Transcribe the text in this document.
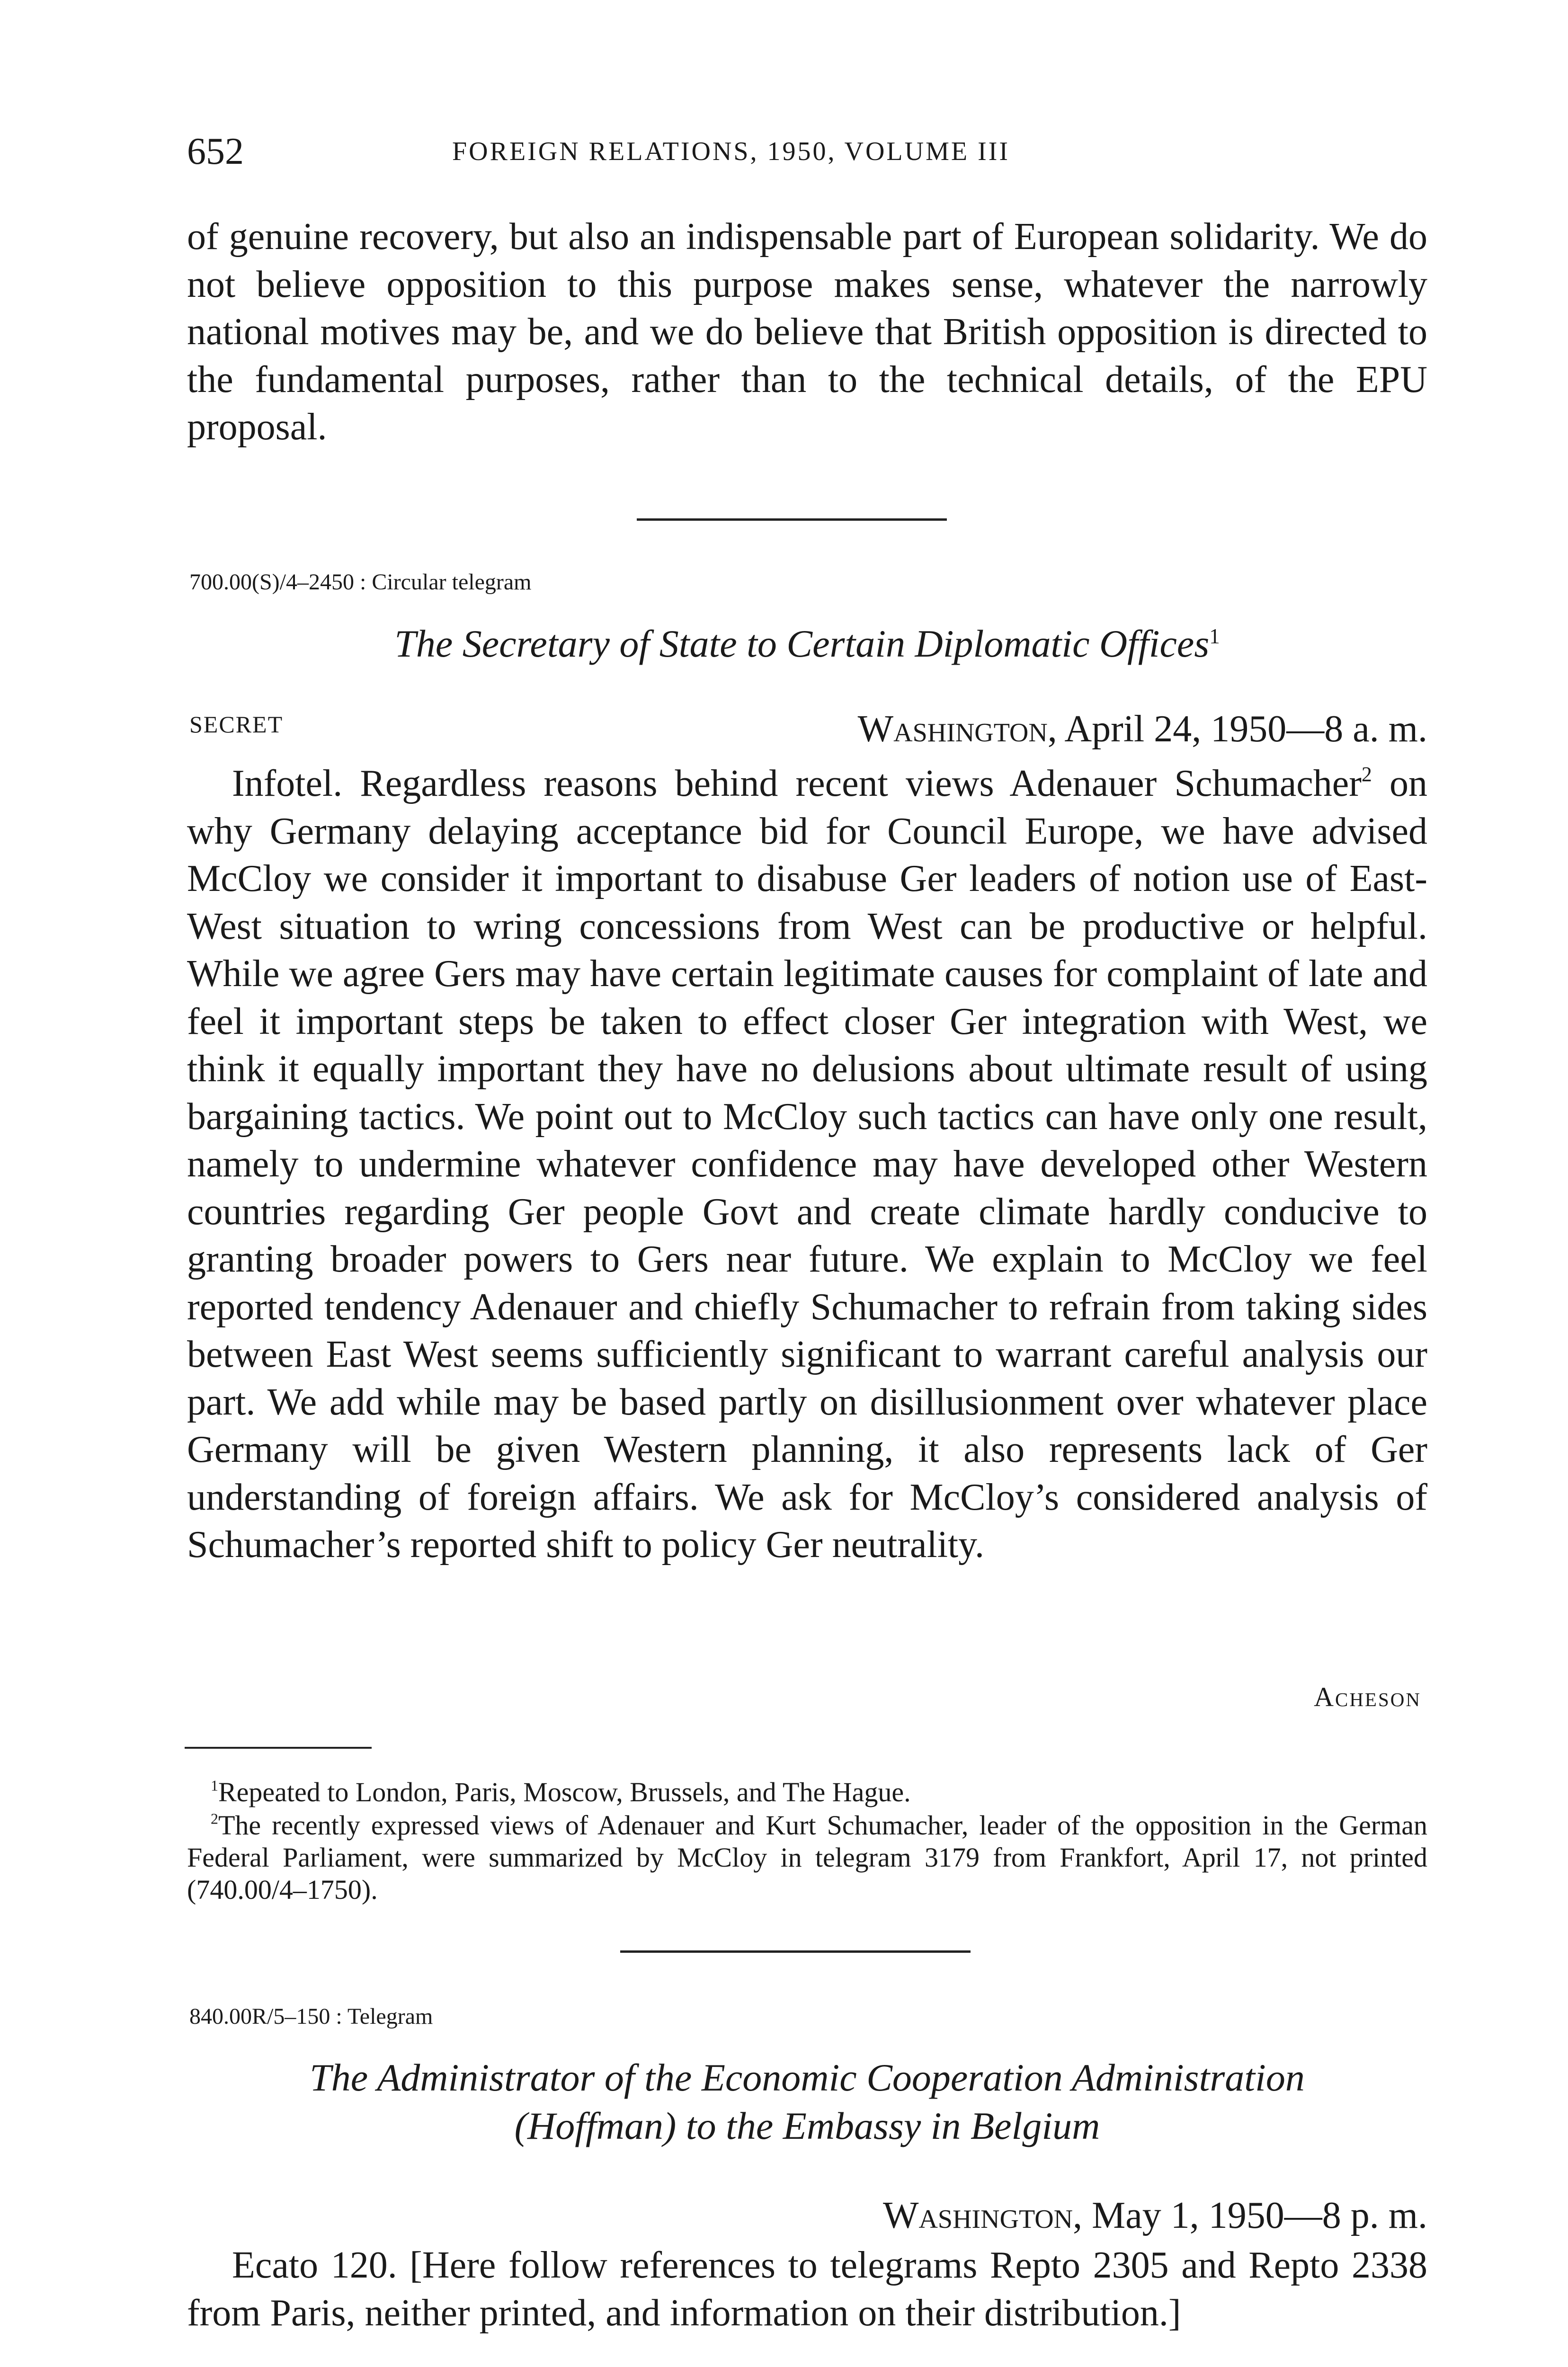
652	FOREIGN RELATIONS, 1950, VOLUME III

of genuine recovery, but also an indispensable part of European solidarity. We do not believe opposition to this purpose makes sense, whatever the narrowly national motives may be, and we do believe that British opposition is directed to the fundamental purposes, rather than to the technical details, of the EPU proposal.

700.00(S)/4–2450 : Circular telegram

The Secretary of State to Certain Diplomatic Offices$^1$

SECRET	Washington, April 24, 1950—8 a. m.

Infotel. Regardless reasons behind recent views Adenauer Schumacher$^2$ on why Germany delaying acceptance bid for Council Europe, we have advised McCloy we consider it important to disabuse Ger leaders of notion use of East-West situation to wring concessions from West can be productive or helpful. While we agree Gers may have certain legitimate causes for complaint of late and feel it important steps be taken to effect closer Ger integration with West, we think it equally important they have no delusions about ultimate result of using bargaining tactics. We point out to McCloy such tactics can have only one result, namely to undermine whatever confidence may have developed other Western countries regarding Ger people Govt and create climate hardly conducive to granting broader powers to Gers near future. We explain to McCloy we feel reported tendency Adenauer and chiefly Schumacher to refrain from taking sides between East West seems sufficiently significant to warrant careful analysis our part. We add while may be based partly on disillusionment over whatever place Germany will be given Western planning, it also represents lack of Ger understanding of foreign affairs. We ask for McCloy’s considered analysis of Schumacher’s reported shift to policy Ger neutrality.

Acheson

$^1$Repeated to London, Paris, Moscow, Brussels, and The Hague.

$^2$The recently expressed views of Adenauer and Kurt Schumacher, leader of the opposition in the German Federal Parliament, were summarized by McCloy in telegram 3179 from Frankfort, April 17, not printed (740.00/4–1750).

840.00R/5–150 : Telegram

The Administrator of the Economic Cooperation Administration

(Hoffman) to the Embassy in Belgium

Washington, May 1, 1950—8 p. m.

Ecato 120. [Here follow references to telegrams Repto 2305 and Repto 2338 from Paris, neither printed, and information on their distribution.]
